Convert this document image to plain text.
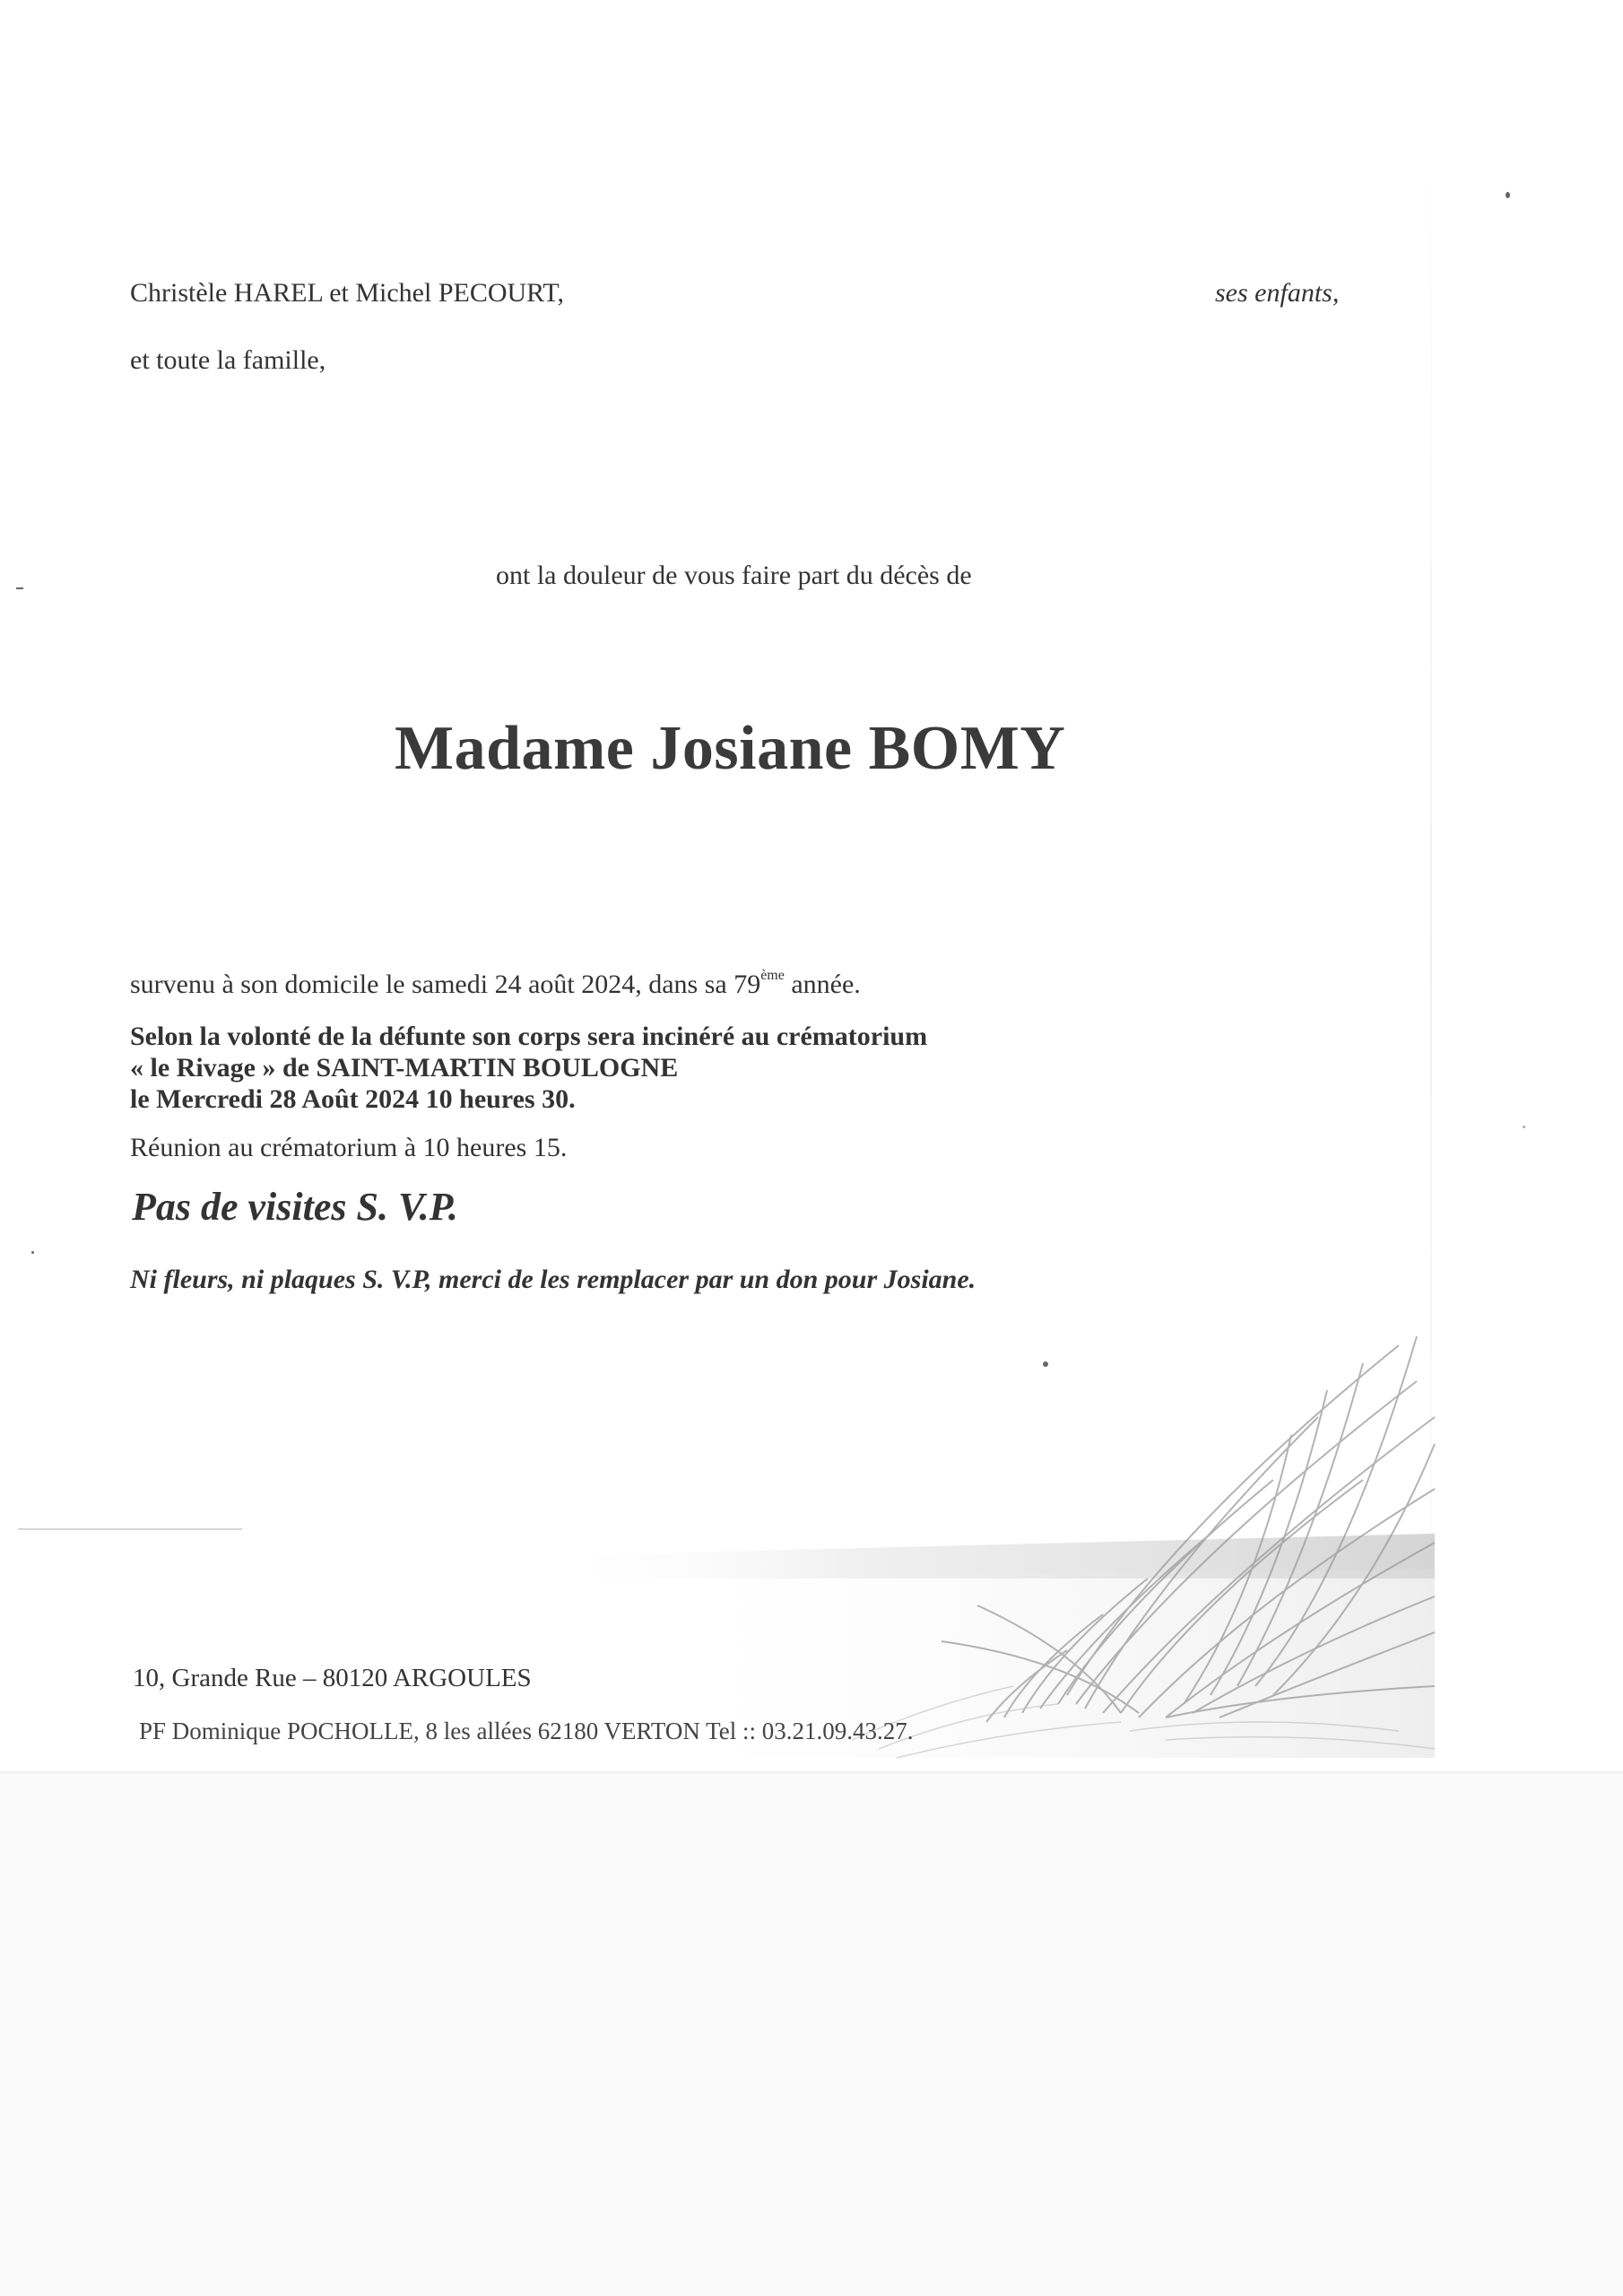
Christèle HAREL et Michel PECOURT,	ses enfants,
et toute la famille,
ont la douleur de vous faire part du décès de
Madame Josiane BOMY
survenu à son domicile le samedi 24 août 2024, dans sa 79ème année.
Selon la volonté de la défunte son corps sera incinéré au crématorium
« le Rivage » de SAINT-MARTIN BOULOGNE
le Mercredi 28 Août 2024 10 heures 30.
Réunion au crématorium à 10 heures 15.
Pas de visites S. V.P.
Ni fleurs, ni plaques S. V.P, merci de les remplacer par un don pour Josiane.
10, Grande Rue – 80120 ARGOULES
PF Dominique POCHOLLE, 8 les allées 62180 VERTON Tel :: 03.21.09.43.27.
